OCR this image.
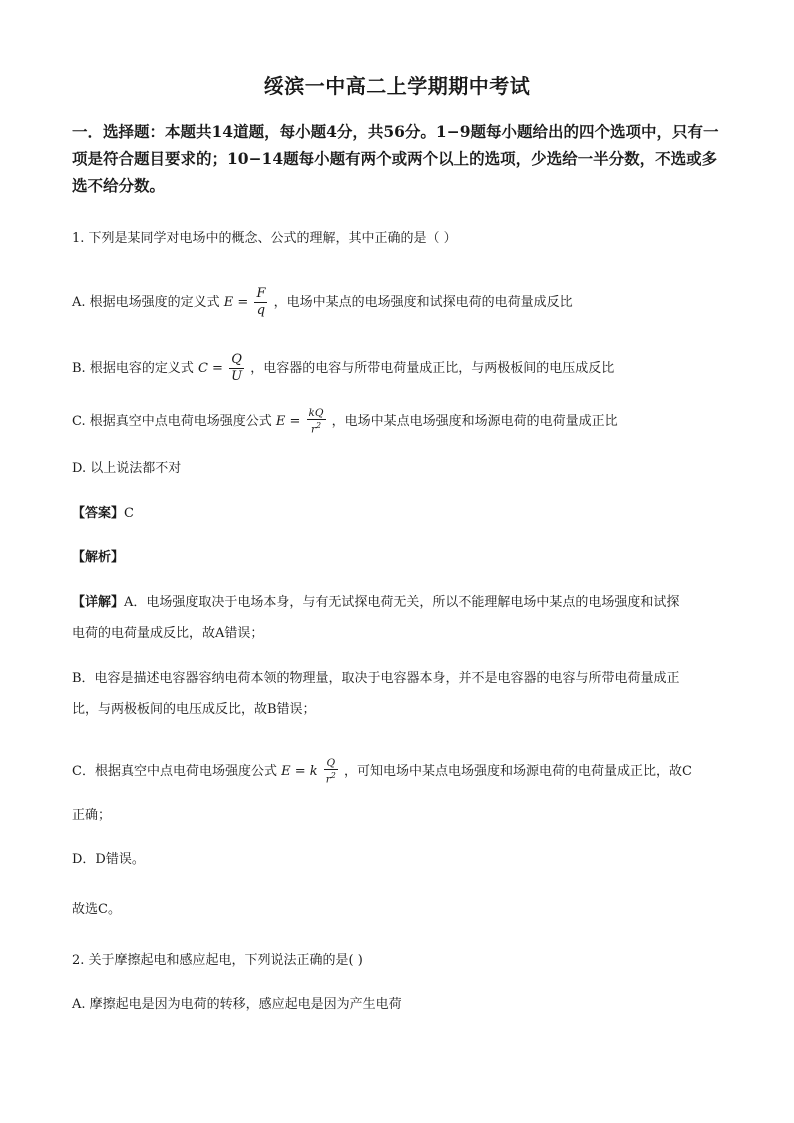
绥滨一中高二上学期期中考试
一．选择题：本题共14道题，每小题4分，共56分。1−9题每小题给出的四个选项中，只有一项是符合题目要求的；10−14题每小题有两个或两个以上的选项，少选给一半分数，不选或多选不给分数。
1. 下列是某同学对电场中的概念、公式的理解，其中正确的是（ ）
A. 根据电场强度的定义式 $E = \frac{F}{q}$ ，电场中某点的电场强度和试探电荷的电荷量成反比
B. 根据电容的定义式 $C = \frac{Q}{U}$ ，电容器的电容与所带电荷量成正比，与两极板间的电压成反比
C. 根据真空中点电荷电场强度公式 $E = \frac{kQ}{r^2}$ ，电场中某点电场强度和场源电荷的电荷量成正比
D. 以上说法都不对
【答案】C
【解析】
【详解】A．电场强度取决于电场本身，与有无试探电荷无关，所以不能理解电场中某点的电场强度和试探
电荷的电荷量成反比，故A错误；
B．电容是描述电容器容纳电荷本领的物理量，取决于电容器本身，并不是电容器的电容与所带电荷量成正
比，与两极板间的电压成反比，故B错误；
C．根据真空中点电荷电场强度公式 E = k $\frac{Q}{r^2}$ ，可知电场中某点电场强度和场源电荷的电荷量成正比，故C
正确；
D．D错误。
故选C。
2. 关于摩擦起电和感应起电，下列说法正确的是( )
A. 摩擦起电是因为电荷的转移，感应起电是因为产生电荷
